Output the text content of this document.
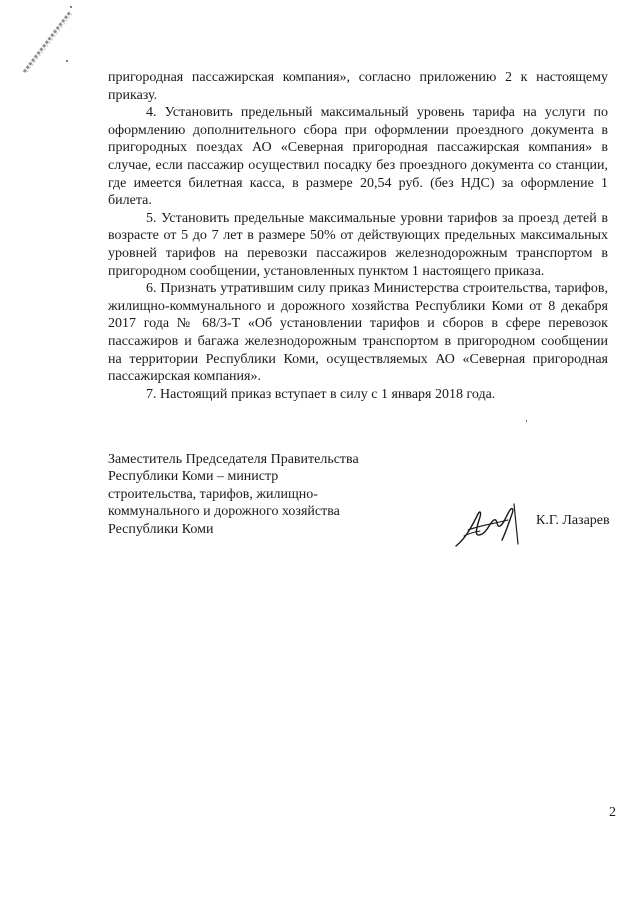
пригородная пассажирская компания», согласно приложению 2 к настоящему приказу.

4. Установить предельный максимальный уровень тарифа на услуги по оформлению дополнительного сбора при оформлении проездного документа в пригородных поездах АО «Северная пригородная пассажирская компания» в случае, если пассажир осуществил посадку без проездного документа со станции, где имеется билетная касса, в размере 20,54 руб. (без НДС) за оформление 1 билета.

5. Установить предельные максимальные уровни тарифов за проезд детей в возрасте от 5 до 7 лет в размере 50% от действующих предельных максимальных уровней тарифов на перевозки пассажиров железнодорожным транспортом в пригородном сообщении, установленных пунктом 1 настоящего приказа.

6. Признать утратившим силу приказ Министерства строительства, тарифов, жилищно-коммунального и дорожного хозяйства Республики Коми от 8 декабря 2017 года № 68/3-Т «Об установлении тарифов и сборов в сфере перевозок пассажиров и багажа железнодорожным транспортом в пригородном сообщении на территории Республики Коми, осуществляемых АО «Северная пригородная пассажирская компания».

7. Настоящий приказ вступает в силу с 1 января 2018 года.

Заместитель Председателя Правительства
Республики Коми – министр
строительства, тарифов, жилищно-
коммунального и дорожного хозяйства
Республики Коми
К.Г. Лазарев
2
